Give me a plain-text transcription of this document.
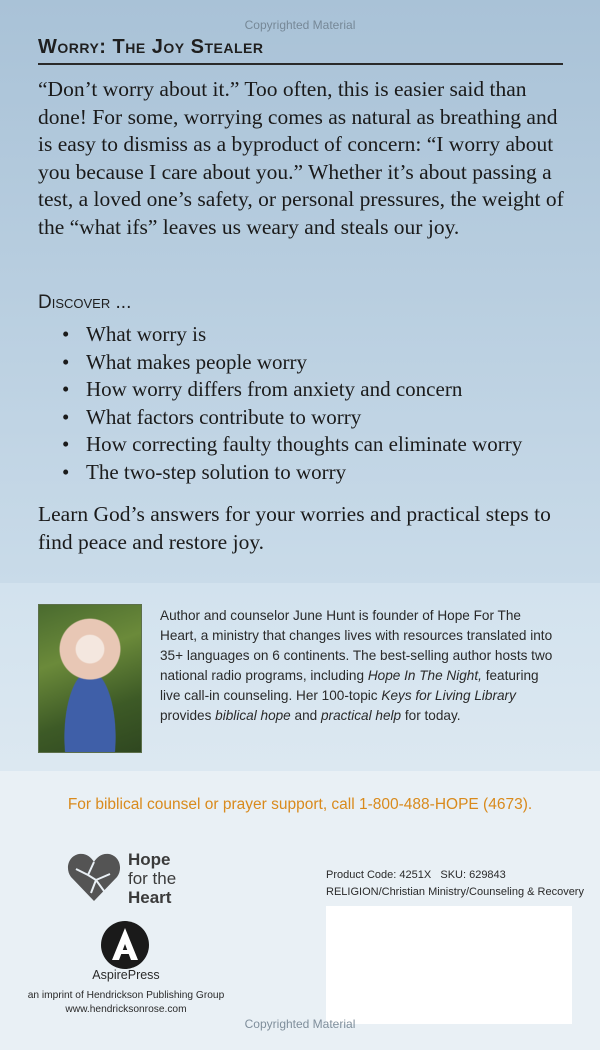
Copyrighted Material
Worry: The Joy Stealer

“Don’t worry about it.” Too often, this is easier said than done! For some, worrying comes as natural as breathing and is easy to dismiss as a byproduct of concern: “I worry about you because I care about you.” Whether it’s about passing a test, a loved one’s safety, or personal pressures, the weight of the “what ifs” leaves us weary and steals our joy.

Discover ...
• What worry is
• What makes people worry
• How worry differs from anxiety and concern
• What factors contribute to worry
• How correcting faulty thoughts can eliminate worry
• The two-step solution to worry

Learn God’s answers for your worries and practical steps to find peace and restore joy.

Author and counselor June Hunt is founder of Hope For The Heart, a ministry that changes lives with resources translated into 35+ languages on 6 continents. The best-selling author hosts two national radio programs, including Hope In The Night, featuring live call-in counseling. Her 100-topic Keys for Living Library provides biblical hope and practical help for today.

For biblical counsel or prayer support, call 1-800-488-HOPE (4673).
Hope
for the
Heart
AspirePress
an imprint of Hendrickson Publishing Group
www.hendricksonrose.com
Product Code: 4251X   SKU: 629843
RELIGION/Christian Ministry/Counseling & Recovery
Copyrighted Material
